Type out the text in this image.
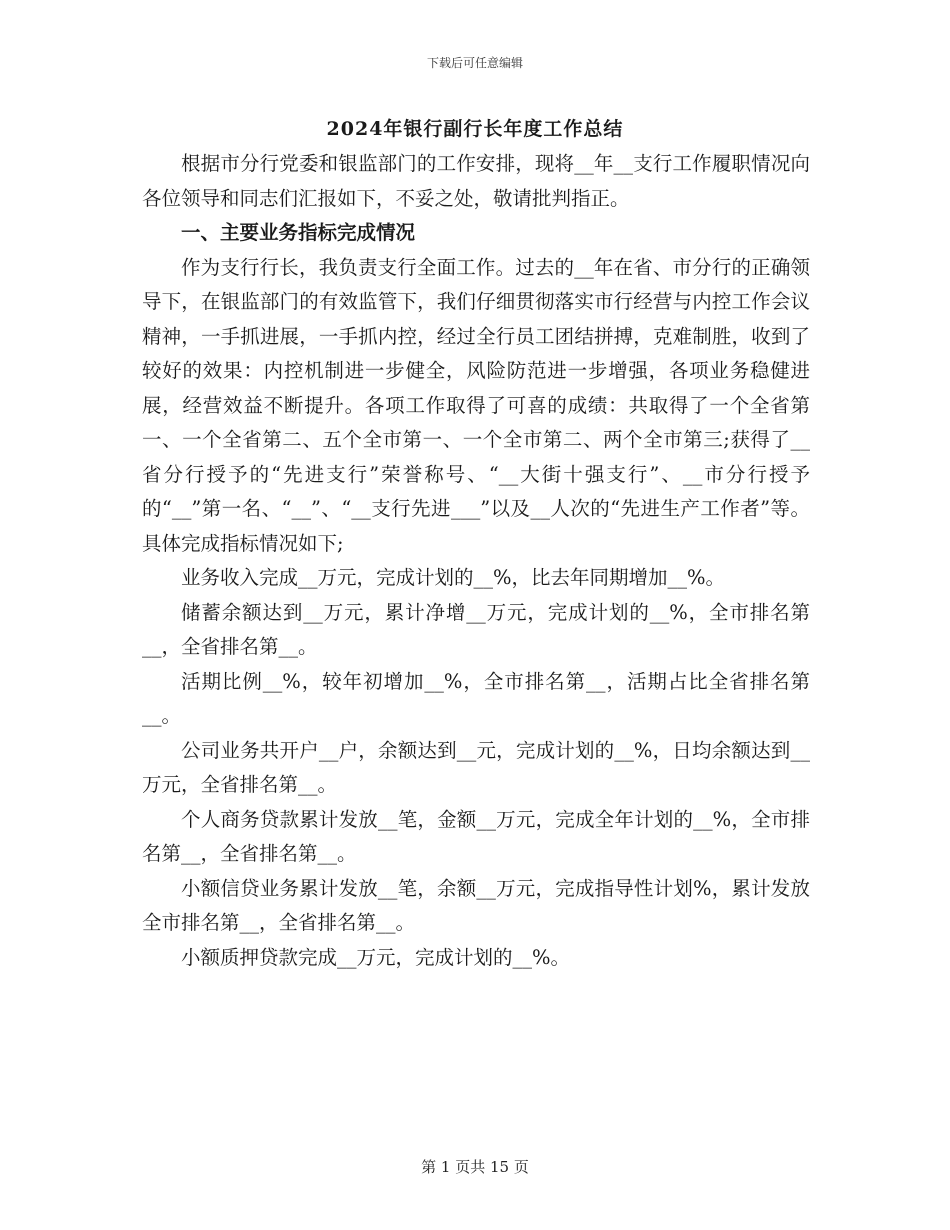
下载后可任意编辑
2024年银行副行长年度工作总结

根据市分行党委和银监部门的工作安排，现将__年__支行工作履职情况向各位领导和同志们汇报如下，不妥之处，敬请批判指正。

一、主要业务指标完成情况

作为支行行长，我负责支行全面工作。过去的__年在省、市分行的正确领导下，在银监部门的有效监管下，我们仔细贯彻落实市行经营与内控工作会议精神，一手抓进展，一手抓内控，经过全行员工团结拼搏，克难制胜，收到了较好的效果：内控机制进一步健全，风险防范进一步增强，各项业务稳健进展，经营效益不断提升。各项工作取得了可喜的成绩：共取得了一个全省第一、一个全省第二、五个全市第一、一个全市第二、两个全市第三;获得了__省分行授予的“先进支行”荣誉称号、“__大街十强支行”、__市分行授予的“__”第一名、“__”、“__支行先进___”以及__人次的“先进生产工作者”等。具体完成指标情况如下;

业务收入完成__万元，完成计划的__%，比去年同期增加__%。

储蓄余额达到__万元，累计净增__万元，完成计划的__%，全市排名第__，全省排名第__。

活期比例__%，较年初增加__%，全市排名第__，活期占比全省排名第__。

公司业务共开户__户，余额达到__元，完成计划的__%，日均余额达到__万元，全省排名第__。

个人商务贷款累计发放__笔，金额__万元，完成全年计划的__%，全市排名第__，全省排名第__。

小额信贷业务累计发放__笔，余额__万元，完成指导性计划%，累计发放全市排名第__，全省排名第__。

小额质押贷款完成__万元，完成计划的__%。

第 1 页共 15 页
